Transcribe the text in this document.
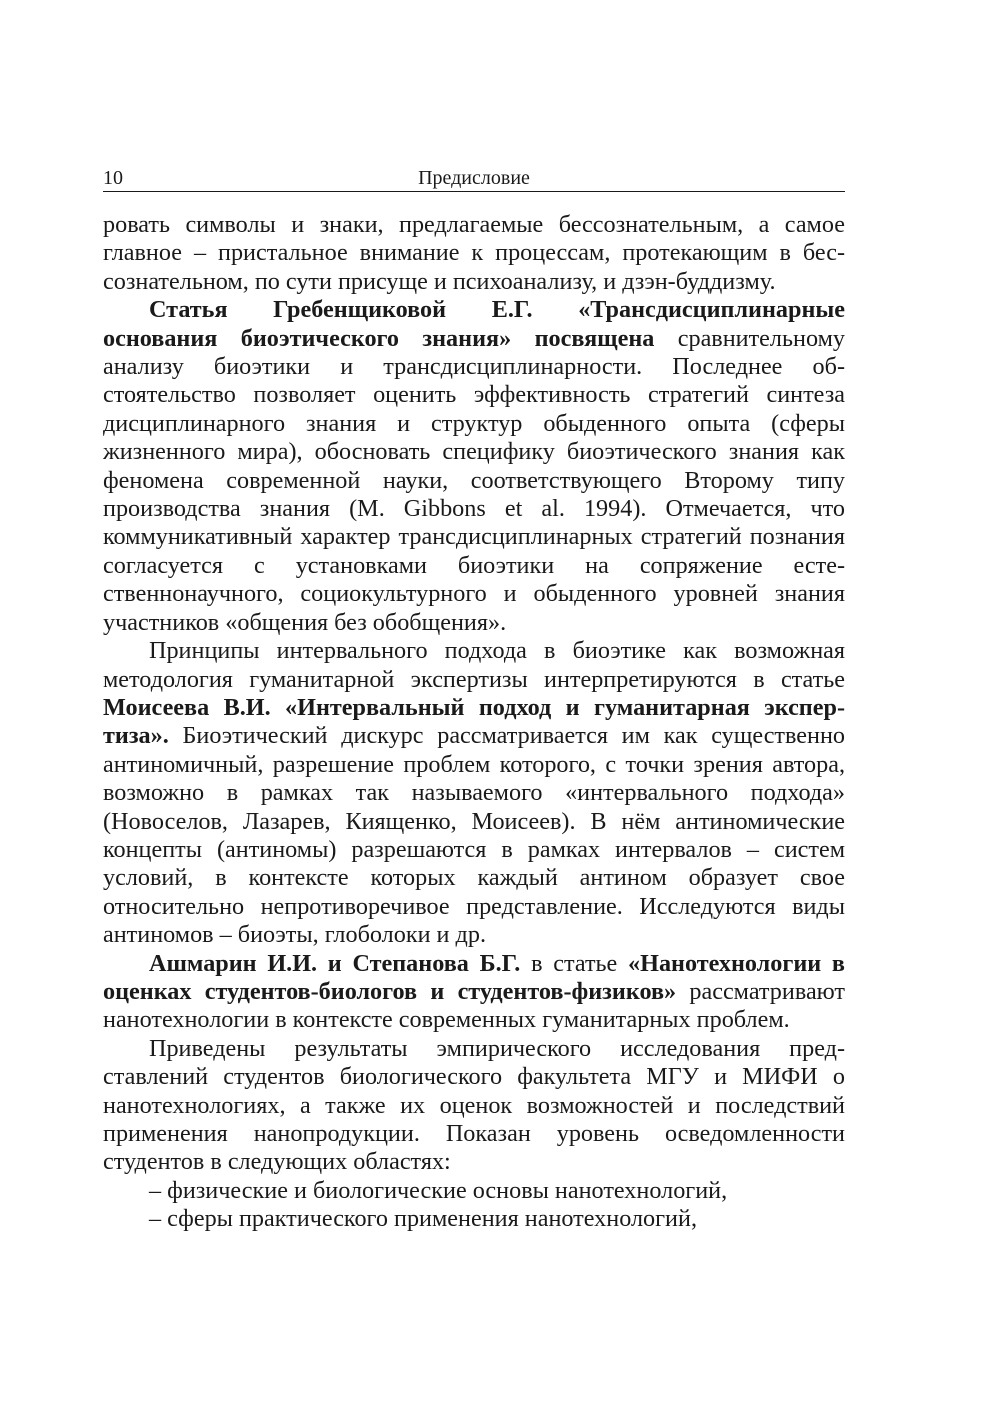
10	Предисловие

ровать символы и знаки, предлагаемые бессознательным, а самое главное – пристальное внимание к процессам, протекающим в бессознательном, по сути присуще и психоанализу, и дзэн-буддизму.

Статья Гребенщиковой Е.Г. «Трансдисциплинарные основания биоэтического знания» посвящена сравнительному анализу биоэтики и трансдисциплинарности. Последнее обстоятельство позволяет оценить эффективность стратегий синтеза дисциплинарного знания и структур обыденного опыта (сферы жизненного мира), обосновать специфику биоэтического знания как феномена современной науки, соответствующего Второму типу производства знания (M. Gibbons et al. 1994). Отмечается, что коммуникативный характер трансдисциплинарных стратегий познания согласуется с установками биоэтики на сопряжение естественнонаучного, социокультурного и обыденного уровней знания участников «общения без обобщения».

Принципы интервального подхода в биоэтике как возможная методология гуманитарной экспертизы интерпретируются в статье Моисеева В.И. «Интервальный подход и гуманитарная экспертиза». Биоэтический дискурс рассматривается им как существенно антиномичный, разрешение проблем которого, с точки зрения автора, возможно в рамках так называемого «интервального подхода» (Новоселов, Лазарев, Киященко, Моисеев). В нём антиномические концепты (антиномы) разрешаются в рамках интервалов – систем условий, в контексте которых каждый антином образует свое относительно непротиворечивое представление. Исследуются виды антиномов – биоэты, глоболоки и др.

Ашмарин И.И. и Степанова Б.Г. в статье «Нанотехнологии в оценках студентов-биологов и студентов-физиков» рассматривают нанотехнологии в контексте современных гуманитарных проблем.

Приведены результаты эмпирического исследования представлений студентов биологического факультета МГУ и МИФИ о нанотехнологиях, а также их оценок возможностей и последствий применения нанопродукции. Показан уровень осведомленности студентов в следующих областях:

– физические и биологические основы нанотехнологий,

– сферы практического применения нанотехнологий,
